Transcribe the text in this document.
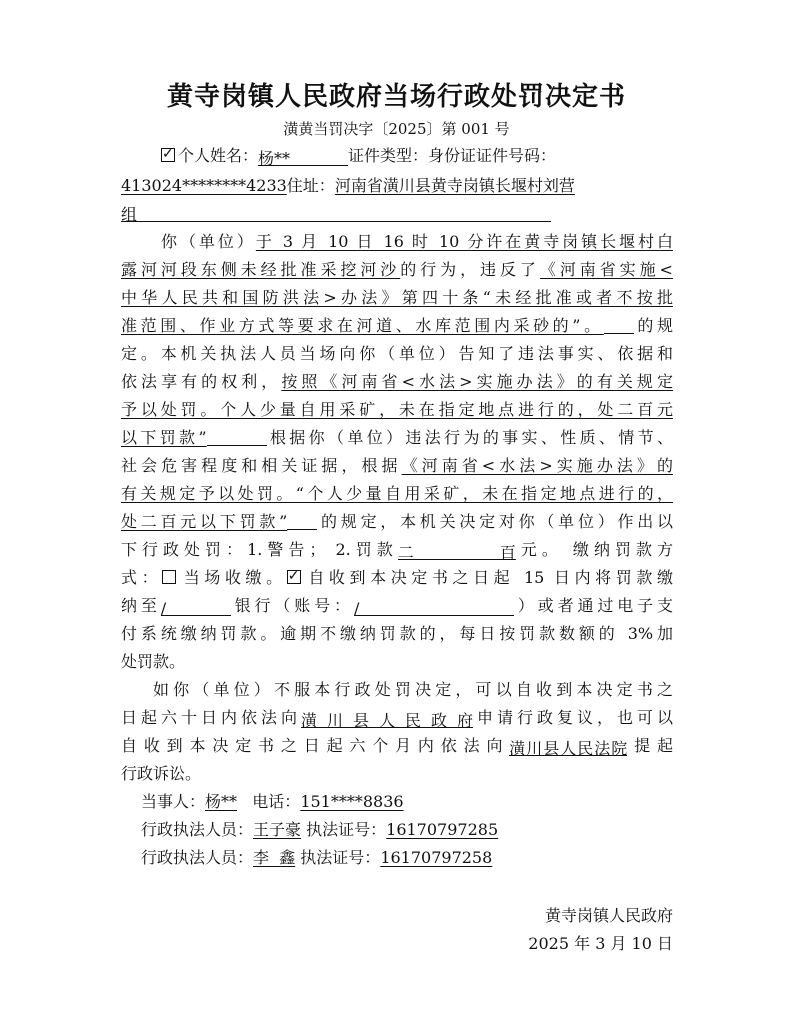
黄寺岗镇人民政府当场行政处罚决定书
潢黄当罚决字〔2025〕第 001 号
✓个人姓名：杨**	证件类型：身份证证件号码：
413024********4233住址：河南省潢川县黄寺岗镇长堰村刘营
组
你（单位）于 3 月 10 日 16 时 10 分许在黄寺岗镇长堰村白
露河河段东侧未经批准采挖河沙的行为，违反了《河南省实施<
中华人民共和国防洪法>办法》第四十条“未经批准或者不按批
准范围、作业方式等要求在河道、水库范围内采砂的”。 的规
定。本机关执法人员当场向你（单位）告知了违法事实、依据和
依法享有的权利，按照《河南省<水法>实施办法》的有关规定
予以处罚。个人少量自用采矿，未在指定地点进行的，处二百元
以下罚款”	根据你（单位）违法行为的事实、性质、情节、
社会危害程度和相关证据，根据《河南省<水法>实施办法》的
有关规定予以处罚。“个人少量自用采矿，未在指定地点进行的，
处二百元以下罚款” 的规定，本机关决定对你（单位）作出以
下行政处罚：1.警告； 2.罚款二百元。 缴纳罚款方
式： 当场收缴。✓ 自收到本决定书之日起 15 日内将罚款缴
纳至/	银行（账号：/	）或者通过电子支
付系统缴纳罚款。逾期不缴纳罚款的，每日按罚款数额的 3%加
处罚款。
如你（单位）不服本行政处罚决定，可以自收到本决定书之
日起六十日内依法向潢川县人民政府申请行政复议，也可以
自收到本决定书之日起六个月内依法向潢川县人民法院提起
行政诉讼。
当事人：杨** 电话：151****8836
行政执法人员：王子豪 执法证号：16170797285
行政执法人员：李  鑫 执法证号：16170797258
黄寺岗镇人民政府
2025 年 3 月 10 日
